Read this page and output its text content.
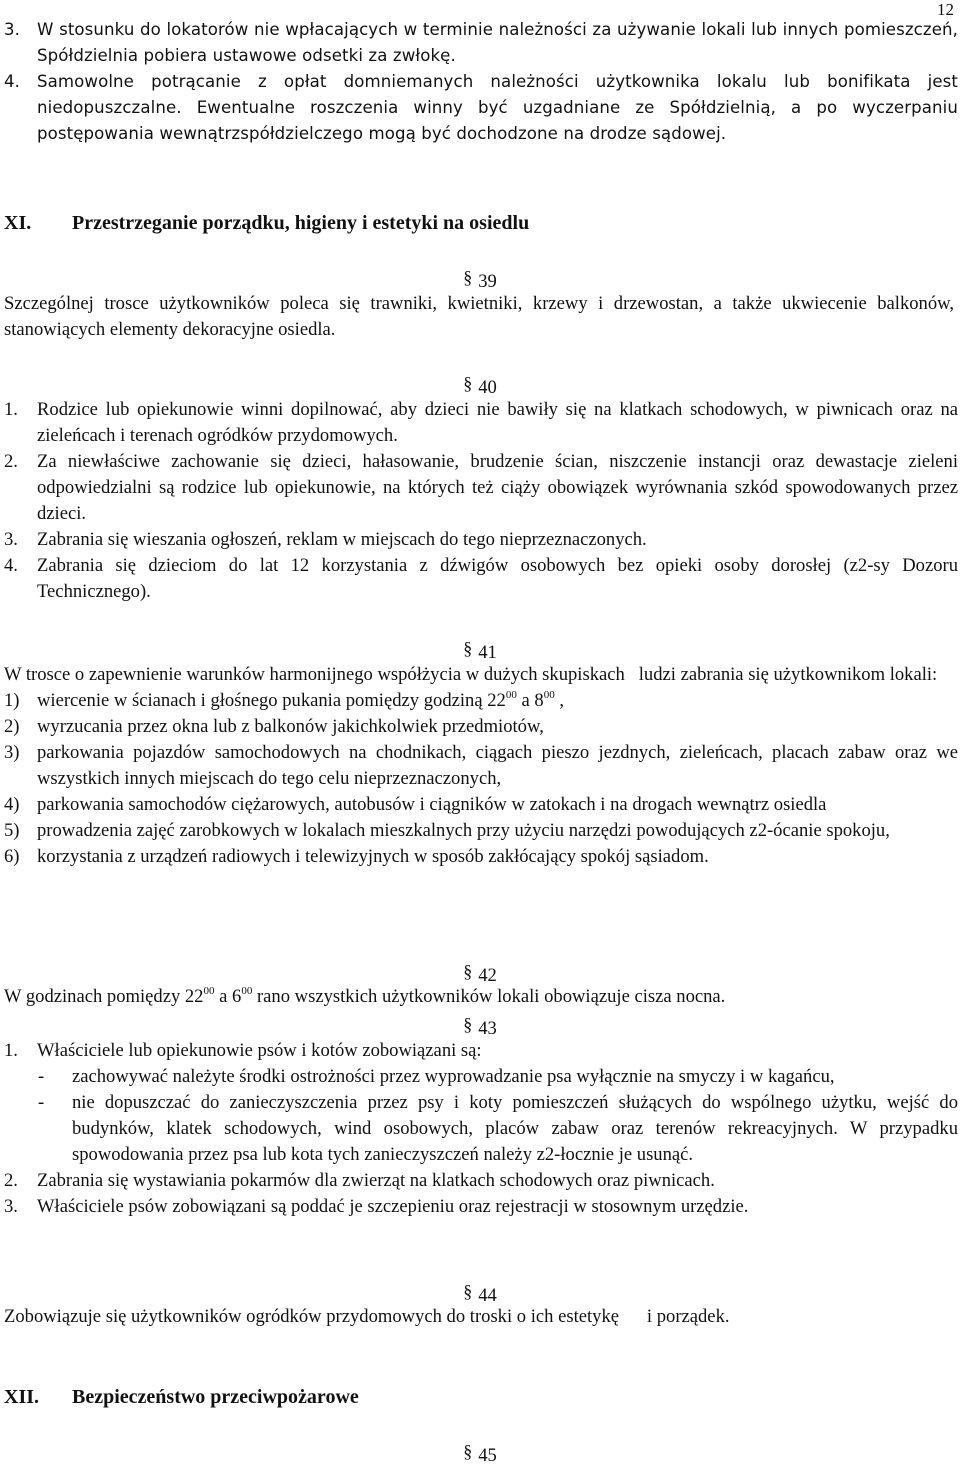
12
3. W stosunku do lokatorów nie wpłacających w terminie należności za używanie lokali lub innych pomieszczeń, Spółdzielnia pobiera ustawowe odsetki za zwłokę.
4. Samowolne potrącanie z opłat domniemanych należności użytkownika lokalu lub bonifikata jest niedopuszczalne. Ewentualne roszczenia winny być uzgadniane ze Spółdzielnią, a po wyczerpaniu postępowania wewnątrzspółdzielczego mogą być dochodzone na drodze sądowej.
XI. Przestrzeganie porządku, higieny i estetyki na osiedlu
§ 39

Szczególnej trosce użytkowników poleca się trawniki, kwietniki, krzewy i drzewostan, a także ukwiecenie balkonów, stanowiących elementy dekoracyjne osiedla.

§ 40
1. Rodzice lub opiekunowie winni dopilnować, aby dzieci nie bawiły się na klatkach schodowych, w piwnicach oraz na zieleńcach i terenach ogródków przydomowych.
2. Za niewłaściwe zachowanie się dzieci, hałasowanie, brudzenie ścian, niszczenie instancji oraz dewastacje zieleni odpowiedzialni są rodzice lub opiekunowie, na których też ciąży obowiązek wyrównania szkód spowodowanych przez dzieci.
3. Zabrania się wieszania ogłoszeń, reklam w miejscach do tego nieprzeznaczonych.
4. Zabrania się dzieciom do lat 12 korzystania z dźwigów osobowych bez opieki osoby dorosłej (z2-sy Dozoru Technicznego).
§ 41

W trosce o zapewnienie warunków harmonijnego współżycia w dużych skupiskach   ludzi zabrania się użytkownikom lokali:

1) wiercenie w ścianach i głośnego pukania pomiędzy godziną $22^{00}$ a $8^{00}$ ,
2) wyrzucania przez okna lub z balkonów jakichkolwiek przedmiotów,
3) parkowania pojazdów samochodowych na chodnikach, ciągach pieszo jezdnych, zieleńcach, placach zabaw oraz we wszystkich innych miejscach do tego celu nieprzeznaczonych,
4) parkowania samochodów ciężarowych, autobusów i ciągników w zatokach i na drogach wewnątrz osiedla
5) prowadzenia zajęć zarobkowych w lokalach mieszkalnych przy użyciu narzędzi powodujących z2-ócanie spokoju,
6) korzystania z urządzeń radiowych i telewizyjnych w sposób zakłócający spokój sąsiadom.
§ 42

W godzinach pomiędzy $22^{00}$ a $6^{00}$ rano wszystkich użytkowników lokali obowiązuje cisza nocna.

§ 43
1. Właściciele lub opiekunowie psów i kotów zobowiązani są:
- zachowywać należyte środki ostrożności przez wyprowadzanie psa wyłącznie na smyczy i w kagańcu,
- nie dopuszczać do zanieczyszczenia przez psy i koty pomieszczeń służących do wspólnego użytku, wejść do budynków, klatek schodowych, wind osobowych, placów zabaw oraz terenów rekreacyjnych. W przypadku spowodowania przez psa lub kota tych zanieczyszczeń należy z2-łocznie je usunąć.
2. Zabrania się wystawiania pokarmów dla zwierząt na klatkach schodowych oraz piwnicach.
3. Właściciele psów zobowiązani są poddać je szczepieniu oraz rejestracji w stosownym urzędzie.
§ 44

Zobowiązuje się użytkowników ogródków przydomowych do troski o ich estetykę      i porządek.

XII. Bezpieczeństwo przeciwpożarowe
§ 45
